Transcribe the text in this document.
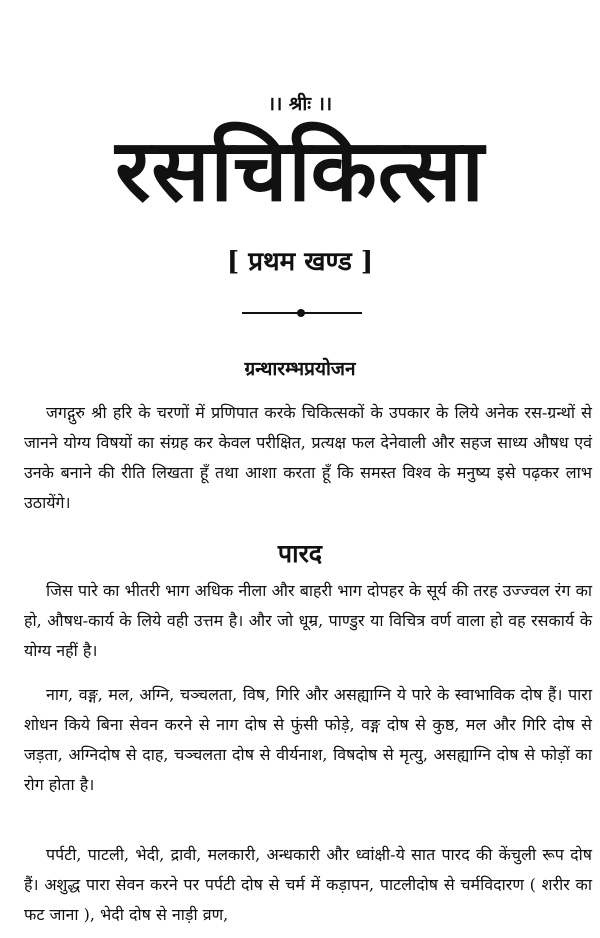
।। श्रीः ।।
रसचिकित्सा
[ प्रथम खण्ड ]
ग्रन्थारम्भप्रयोजन

जगद्गुरु श्री हरि के चरणों में प्रणिपात करके चिकित्सकों के उपकार के लिये अनेक रस-ग्रन्थों से जानने योग्य विषयों का संग्रह कर केवल परीक्षित, प्रत्यक्ष फल देनेवाली और सहज साध्य औषध एवं उनके बनाने की रीति लिखता हूँ तथा आशा करता हूँ कि समस्त विश्व के मनुष्य इसे पढ़कर लाभ उठायेंगे।

पारद

जिस पारे का भीतरी भाग अधिक नीला और बाहरी भाग दोपहर के सूर्य की तरह उज्ज्वल रंग का हो, औषध-कार्य के लिये वही उत्तम है। और जो धूम्र, पाण्डुर या विचित्र वर्ण वाला हो वह रसकार्य के योग्य नहीं है।

नाग, वङ्ग, मल, अग्नि, चञ्चलता, विष, गिरि और असह्याग्नि ये पारे के स्वाभाविक दोष हैं। पारा शोधन किये बिना सेवन करने से नाग दोष से फुंसी फोड़े, वङ्ग दोष से कुष्ठ, मल और गिरि दोष से जड़ता, अग्निदोष से दाह, चञ्चलता दोष से वीर्यनाश, विषदोष से मृत्यु, असह्याग्नि दोष से फोड़ों का रोग होता है।

पर्पटी, पाटली, भेदी, द्रावी, मलकारी, अन्धकारी और ध्वांक्षी-ये सात पारद की केंचुली रूप दोष हैं। अशुद्ध पारा सेवन करने पर पर्पटी दोष से चर्म में कड़ापन, पाटलीदोष से चर्मविदारण ( शरीर का फट जाना ), भेदी दोष से नाड़ी व्रण,
